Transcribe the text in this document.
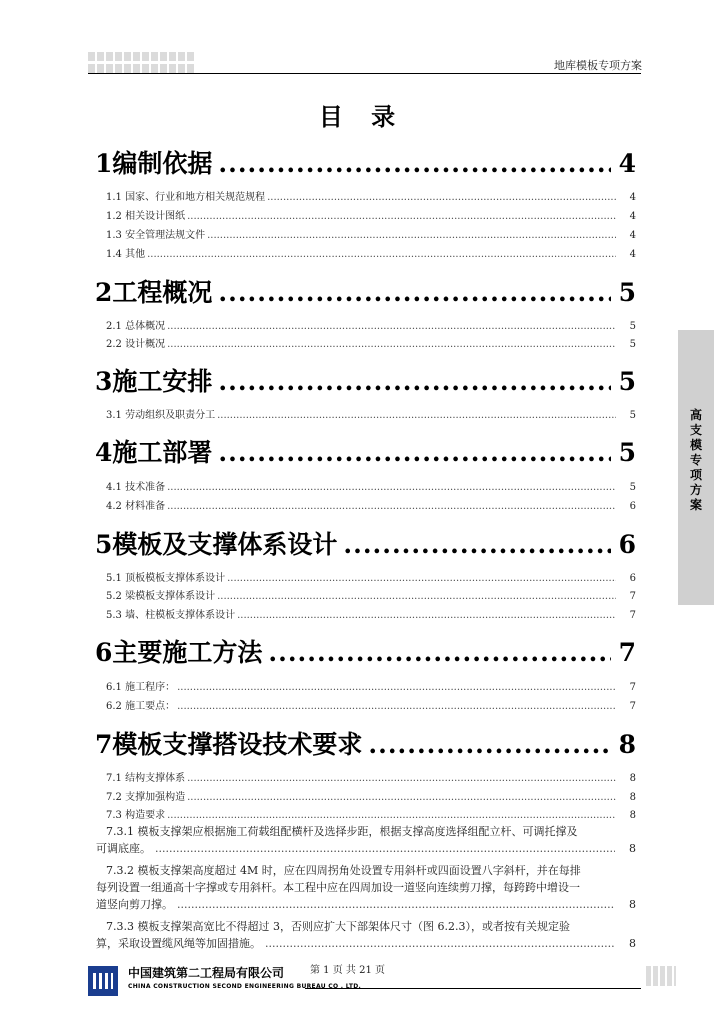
地库模板专项方案
目 录
1 编制依据 .....	4
1.1 国家、行业和地方相关规范规程 .....	4
1.2 相关设计图纸 .....	4
1.3 安全管理法规文件 .....	4
1.4 其他 .....	4
2 工程概况 .....	5
2.1 总体概况 .....	5
2.2 设计概况 .....	5
3 施工安排 .....	5
3.1 劳动组织及职责分工 .....	5
4 施工部署 .....	5
4.1 技术准备 .....	5
4.2 材料准备 .....	6
5 模板及支撑体系设计 .....	6
5.1 顶板模板支撑体系设计 .....	6
5.2 梁模板支撑体系设计 .....	7
5.3 墙、柱模板支撑体系设计 .....	7
6 主要施工方法 .....	7
6.1 施工程序： .....	7
6.2 施工要点： .....	7
7 模板支撑搭设技术要求 .....	8
7.1 结构支撑体系 .....	8
7.2 支撑加强构造 .....	8
7.3 构造要求 .....	8
7.3.1 模板支撑架应根据施工荷载组配横杆及选择步距，根据支撑高度选择组配立杆、可调托撑及
可调底座。 .....	8
7.3.2 模板支撑架高度超过 4M 时，应在四周拐角处设置专用斜杆或四面设置八字斜杆，并在每排
每列设置一组通高十字撑或专用斜杆。本工程中应在四周加设一道竖向连续剪刀撑，每跨跨中增设一
道竖向剪刀撑。 .....	8
7.3.3 模板支撑架高宽比不得超过 3，否则应扩大下部架体尺寸（图 6.2.3），或者按有关规定验
算，采取设置缆风绳等加固措施。 .....	8
高支模专项方案
中国建筑第二工程局有限公司
CHINA CONSTRUCTION SECOND ENGINEERING BUREAU CO . LTD.
第 1 页 共 21 页
